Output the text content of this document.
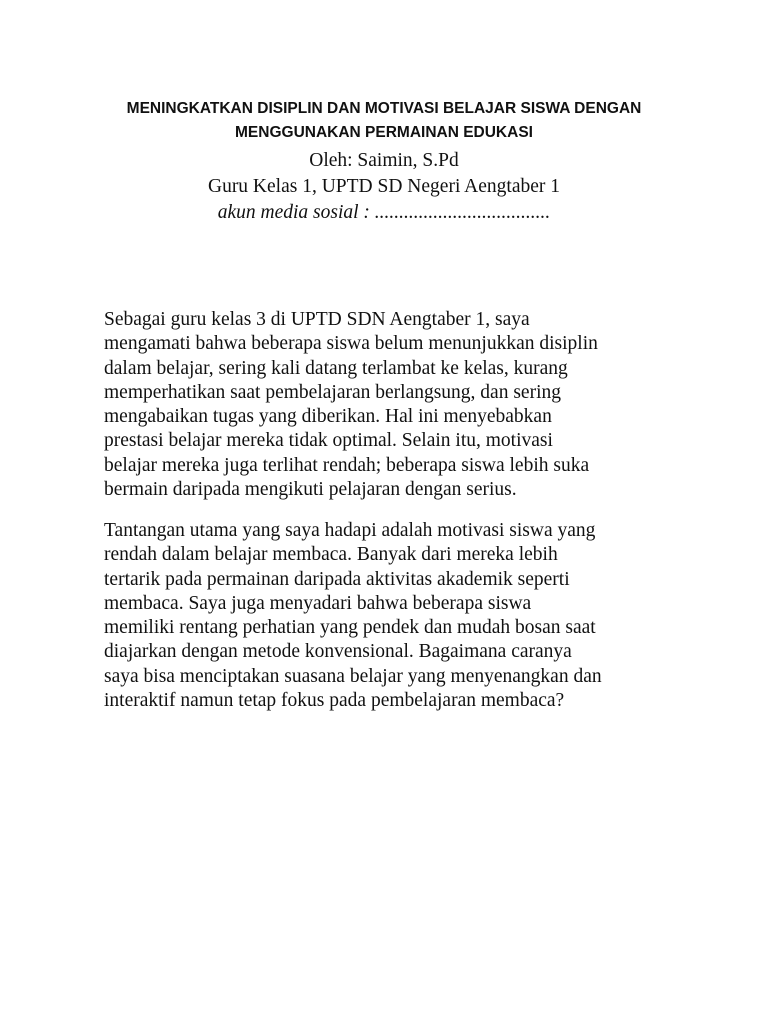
MENINGKATKAN DISIPLIN DAN MOTIVASI BELAJAR SISWA DENGAN
MENGGUNAKAN PERMAINAN EDUKASI
Oleh: Saimin, S.Pd
Guru Kelas 1, UPTD SD Negeri Aengtaber 1
akun media sosial : ....................................
Sebagai guru kelas 3 di UPTD SDN Aengtaber 1, saya
mengamati bahwa beberapa siswa belum menunjukkan disiplin
dalam belajar, sering kali datang terlambat ke kelas, kurang
memperhatikan saat pembelajaran berlangsung, dan sering
mengabaikan tugas yang diberikan. Hal ini menyebabkan
prestasi belajar mereka tidak optimal. Selain itu, motivasi
belajar mereka juga terlihat rendah; beberapa siswa lebih suka
bermain daripada mengikuti pelajaran dengan serius.
Tantangan utama yang saya hadapi adalah motivasi siswa yang
rendah dalam belajar membaca. Banyak dari mereka lebih
tertarik pada permainan daripada aktivitas akademik seperti
membaca. Saya juga menyadari bahwa beberapa siswa
memiliki rentang perhatian yang pendek dan mudah bosan saat
diajarkan dengan metode konvensional. Bagaimana caranya
saya bisa menciptakan suasana belajar yang menyenangkan dan
interaktif namun tetap fokus pada pembelajaran membaca?
